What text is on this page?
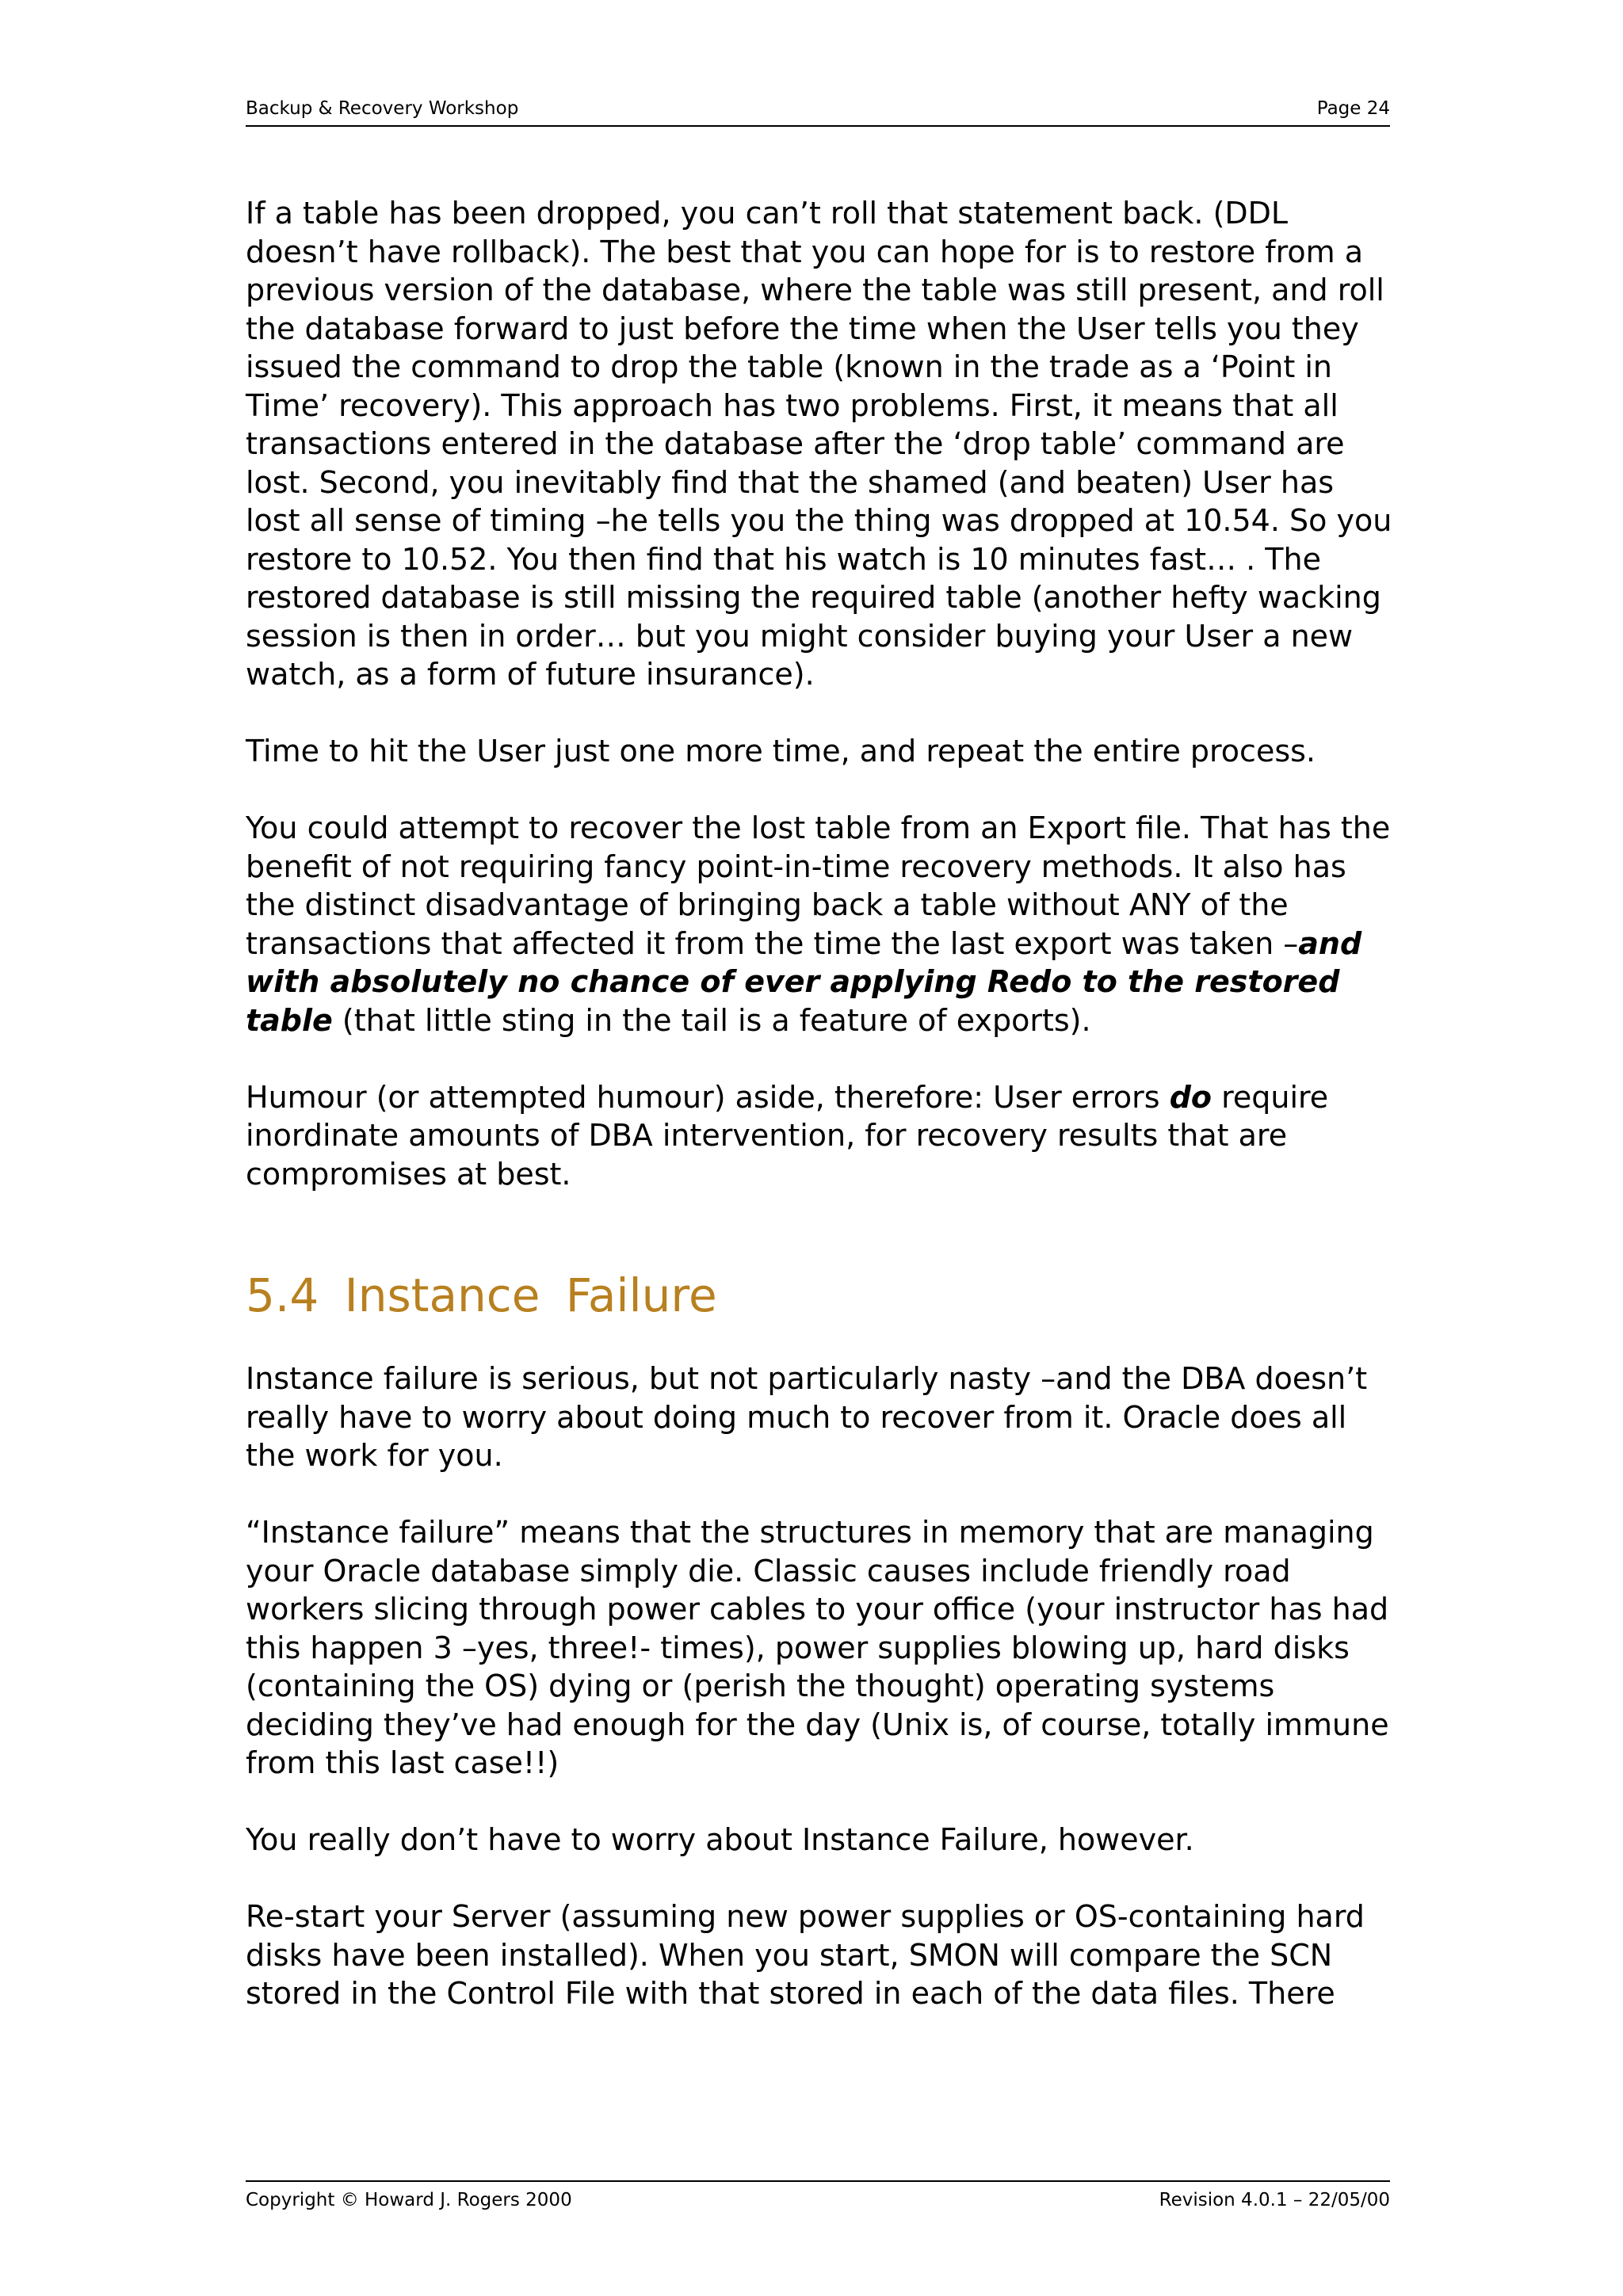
Backup & Recovery Workshop	Page 24

If a table has been dropped, you can’t roll that statement back. (DDL doesn’t have rollback). The best that you can hope for is to restore from a previous version of the database, where the table was still present, and roll the database forward to just before the time when the User tells you they issued the command to drop the table (known in the trade as a ‘Point in Time’ recovery). This approach has two problems. First, it means that all transactions entered in the database after the ‘drop table’ command are lost. Second, you inevitably find that the shamed (and beaten) User has lost all sense of timing –he tells you the thing was dropped at 10.54. So you restore to 10.52. You then find that his watch is 10 minutes fast… . The restored database is still missing the required table (another hefty wacking session is then in order… but you might consider buying your User a new watch, as a form of future insurance).

Time to hit the User just one more time, and repeat the entire process.

You could attempt to recover the lost table from an Export file. That has the benefit of not requiring fancy point-in-time recovery methods. It also has the distinct disadvantage of bringing back a table without ANY of the transactions that affected it from the time the last export was taken –and with absolutely no chance of ever applying Redo to the restored table (that little sting in the tail is a feature of exports).

Humour (or attempted humour) aside, therefore: User errors do require inordinate amounts of DBA intervention, for recovery results that are compromises at best.

5.4 Instance Failure

Instance failure is serious, but not particularly nasty –and the DBA doesn’t really have to worry about doing much to recover from it. Oracle does all the work for you.

“Instance failure” means that the structures in memory that are managing your Oracle database simply die. Classic causes include friendly road workers slicing through power cables to your office (your instructor has had this happen 3 –yes, three!- times), power supplies blowing up, hard disks (containing the OS) dying or (perish the thought) operating systems deciding they’ve had enough for the day (Unix is, of course, totally immune from this last case!!)

You really don’t have to worry about Instance Failure, however.

Re-start your Server (assuming new power supplies or OS-containing hard disks have been installed). When you start, SMON will compare the SCN stored in the Control File with that stored in each of the data files. There

Copyright © Howard J. Rogers 2000	Revision 4.0.1 – 22/05/00
